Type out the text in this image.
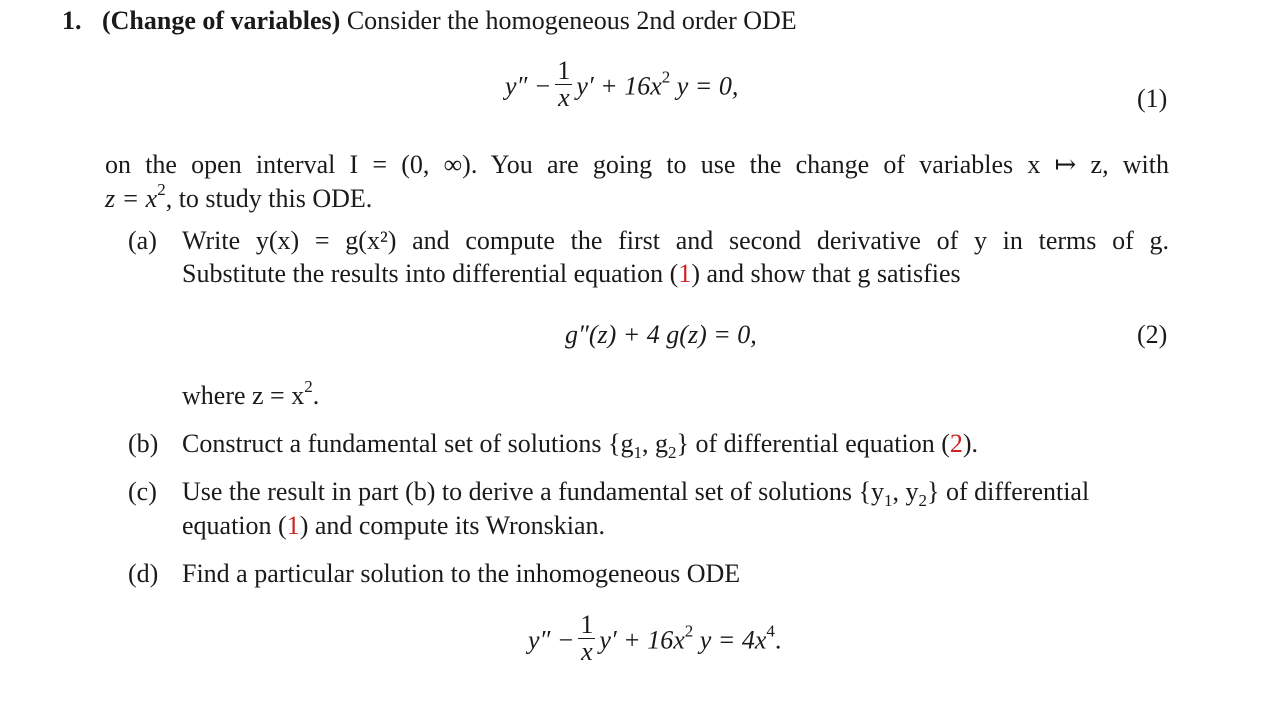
1. (Change of variables) Consider the homogeneous 2nd order ODE
$y'' - \frac{1}{x} y' + 16x^2$ y = 0,	(1)
on the open interval I = (0, ∞). You are going to use the change of variables x ↦ z, with
$z = x^2$, to study this ODE.
(a) Write y(x) = g(x²) and compute the first and second derivative of y in terms of g.
Substitute the results into differential equation (1) and show that g satisfies
g″(z) + 4 g(z) = 0,	(2)
where $z = x^2$.
(b) Construct a fundamental set of solutions {$g_1$, $g_2$} of differential equation (2).
(c) Use the result in part (b) to derive a fundamental set of solutions {$y_1$, $y_2$} of differential
equation (1) and compute its Wronskian.
(d) Find a particular solution to the inhomogeneous ODE
$y'' - \frac{1}{x} y' + 16x^2$ $y = 4x^4$.
